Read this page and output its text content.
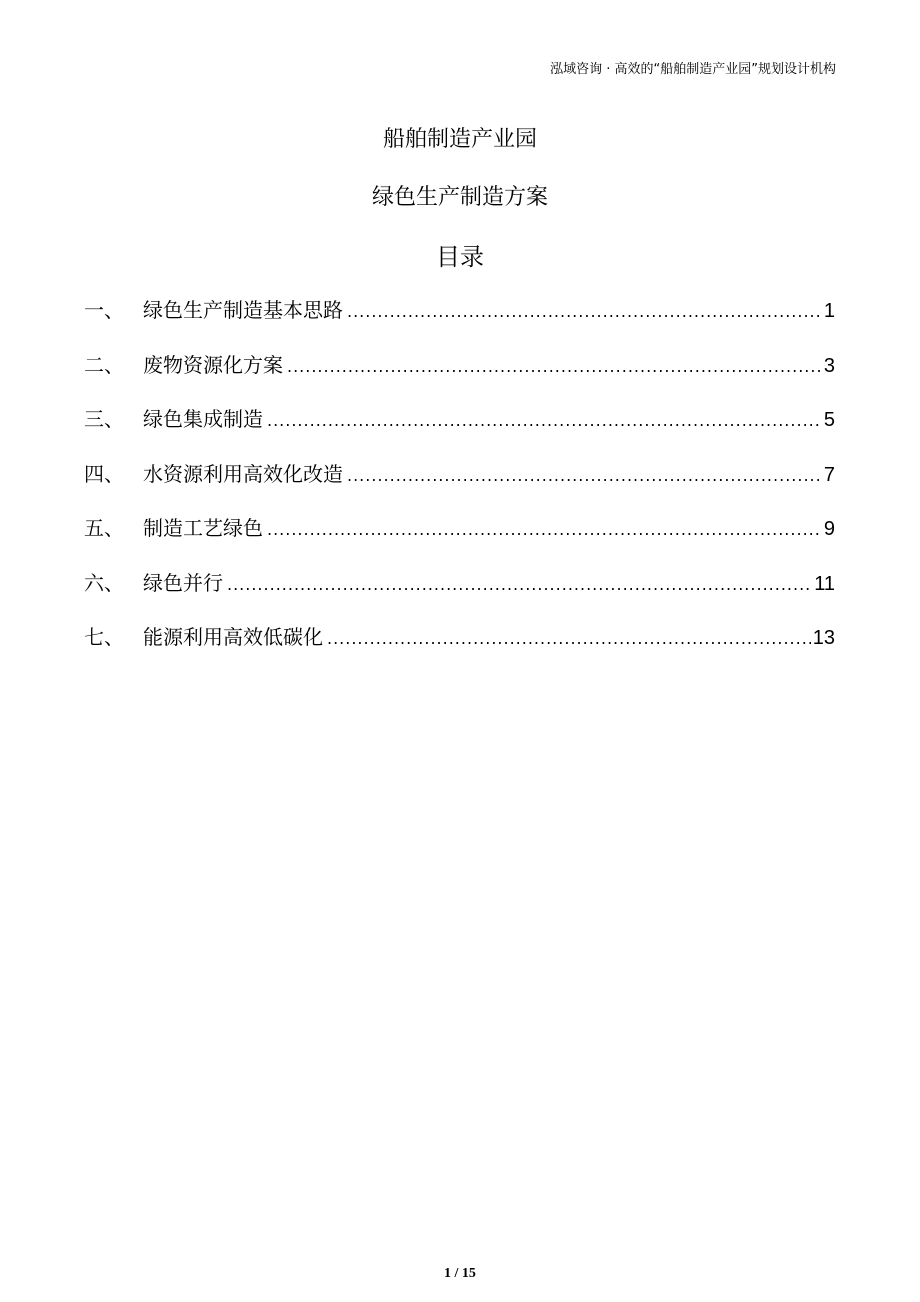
泓域咨询 · 高效的“船舶制造产业园”规划设计机构
船舶制造产业园
绿色生产制造方案
目录
一、 绿色生产制造基本思路 .....	1
二、 废物资源化方案 .....	3
三、 绿色集成制造 .....	5
四、 水资源利用高效化改造 .....	7
五、 制造工艺绿色 .....	9
六、 绿色并行 .....	11
七、 能源利用高效低碳化 .....	13
1 / 15
